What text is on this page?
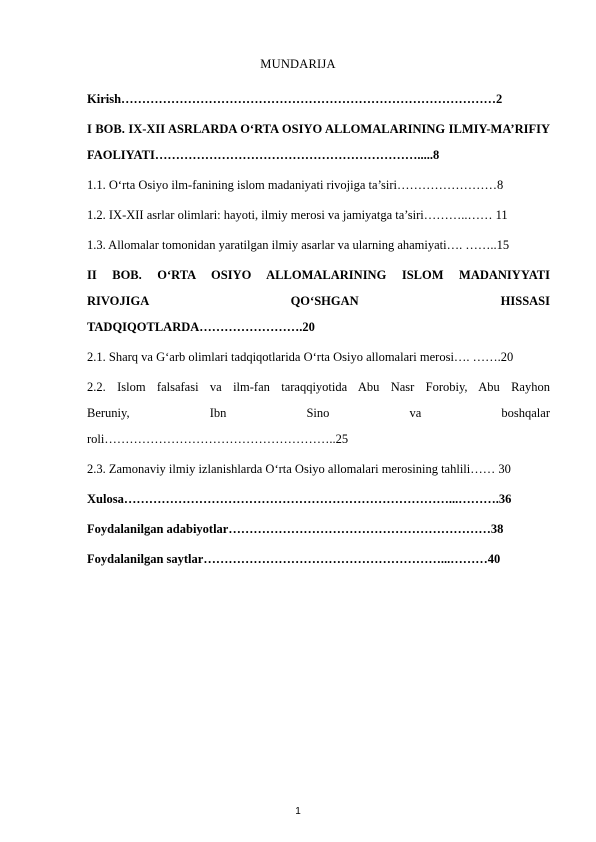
MUNDARIJA
Kirish………………………………………………………………………………2
I BOB. IX-XII ASRLARDA O‘RTA OSIYO ALLOMALARINING ILMIY-MA’RIFIY FAOLIYATI……………………………………………………….....8
1.1. O‘rta Osiyo ilm-fanining islom madaniyati rivojiga ta’siri……………………8
1.2. IX-XII asrlar olimlari: hayoti, ilmiy merosi va jamiyatga ta’siri………..…… 11
1.3. Allomalar tomonidan yaratilgan ilmiy asarlar va ularning ahamiyati…. ……..15
II BOB. O‘RTA OSIYO ALLOMALARINING ISLOM MADANIYYATI
RIVOJIGA QO‘SHGAN HISSASI
TADQIQOTLARDA…………………….20
2.1. Sharq va G‘arb olimlari tadqiqotlarida O‘rta Osiyo allomalari merosi…. …….20
2.2. Islom falsafasi va ilm-fan taraqqiyotida Abu Nasr Forobiy, Abu Rayhon
Beruniy, Ibn Sino va boshqalar
roli………………………………………………..25
2.3. Zamonaviy ilmiy izlanishlarda O‘rta Osiyo allomalari merosining tahlili…… 30
Xulosa……………………………………………………………………...……….36
Foydalanilgan adabiyotlar………………………………………………………38
Foydalanilgan saytlar…………………………………………………...………40
1
